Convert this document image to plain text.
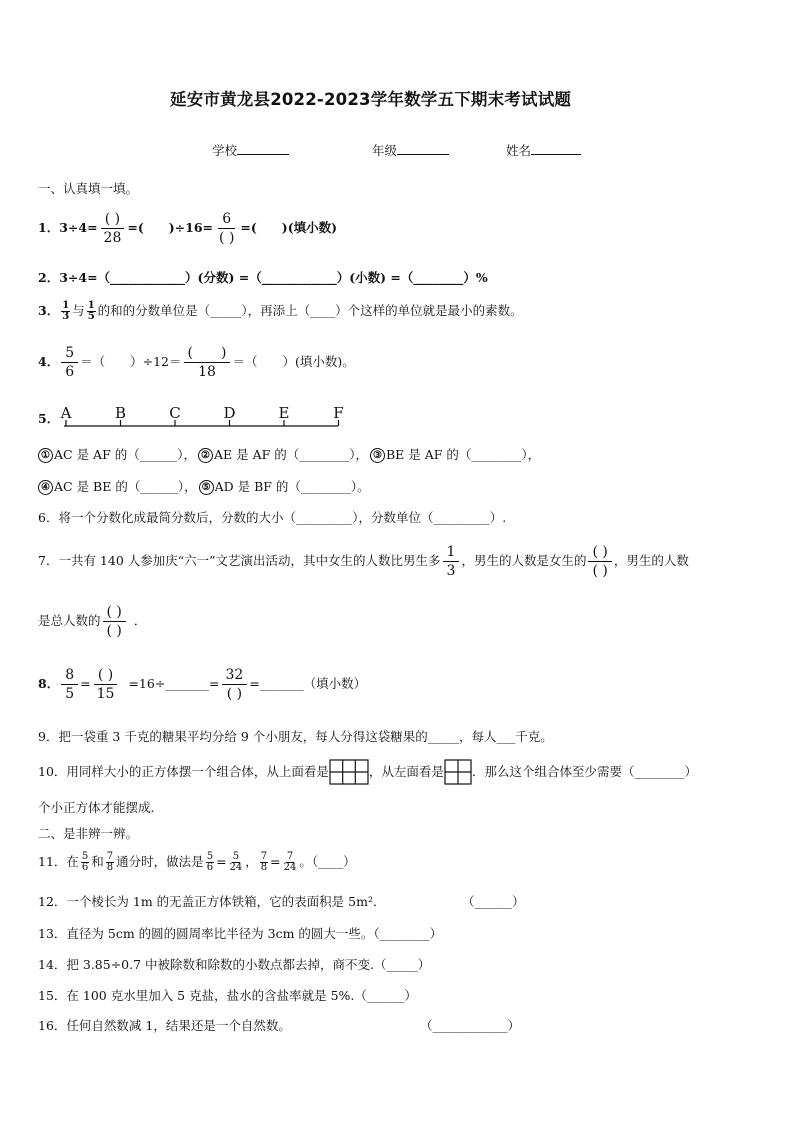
延安市黄龙县2022-2023学年数学五下期末考试试题
学校	年级	姓名
一、认真填一填。
1． $3\div 4= \frac{( )}{28}$ =(　　)$\div 16= \frac{6}{( )}$ =(　　)(填小数)
2．3÷4=（____________）(分数) =（____________）(小数) =（________）%
3． $\frac{1}{3}$ 与 $\frac{1}{5}$ 的和的分数单位是（_____），再添上（____）个这样的单位就是最小的素数。
4． $\frac{5}{6}$ ＝（　　）$\div 12= \frac{( )}{18}$ ＝（　　）(填小数)。
5． A	B	C	D	E	F
① AC 是 AF 的（______）， ② AE 是 AF 的（________）， ③ BE 是 AF 的（________），
④ AC 是 BE 的（______）， ⑤ AD 是 BF 的（________）。
6．将一个分数化成最简分数后，分数的大小（_________），分数单位（_________）.
7．一共有 140 人参加庆“六一”文艺演出活动，其中女生的人数比男生多 $\frac{1}{3}$ ，男生的人数是女生的 $\frac{( )}{( )}$ ，男生的人数
是总人数的 $\frac{( )}{( )}$ ．
8． $\frac{8}{5} = \frac{( )}{15}$ =16÷_______= $\frac{32}{( )}$ =_______（填小数）
9．把一袋重 3 千克的糖果平均分给 9 个小朋友，每人分得这袋糖果的_____，每人___千克。
10．用同样大小的正方体摆一个组合体，从上面看是	，从左面看是 ．那么这个组合体至少需要（________）
个小正方体才能摆成.
二、是非辨一辨。
11．在 $\frac{5}{6}$ 和 $\frac{7}{8}$ 通分时，做法是 $\frac{5}{6} = \frac{5}{24}$ ， $\frac{7}{8} = \frac{7}{24}$ 。（____）
12．一个棱长为 1m 的无盖正方体铁箱，它的表面积是 5m²．	（______）
13．直径为 5cm 的圆的圆周率比半径为 3cm 的圆大一些。（________）
14．把 3.85÷0.7 中被除数和除数的小数点都去掉，商不变.（_____）
15．在 100 克水里加入 5 克盐，盐水的含盐率就是 5%.（______）
16．任何自然数减 1，结果还是一个自然数。	（____________）
